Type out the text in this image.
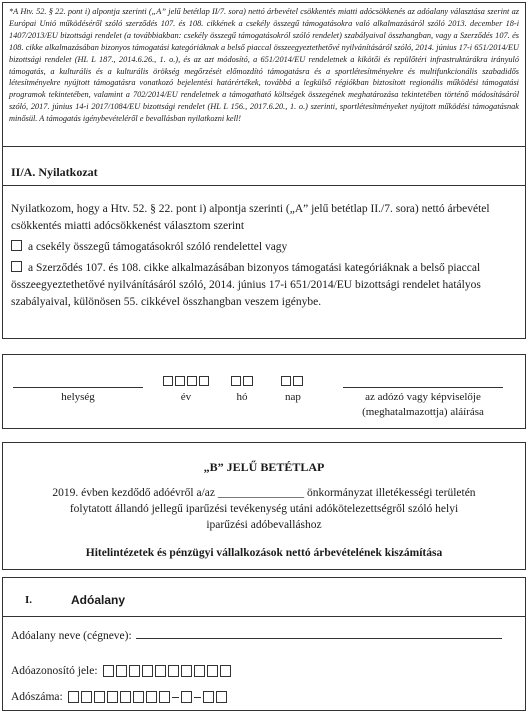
*A Htv. 52. § 22. pont i) alpontja szerinti („A” jelű betétlap II/7. sora) nettó árbevétel csökkentés miatti adócsökkenés az adóalany választása szerint az Európai Unió működéséről szóló szerződés 107. és 108. cikkének a csekély összegű támogatásokra való alkalmazásáról szóló 2013. december 18-i 1407/2013/EU bizottsági rendelet (a továbbiakban: csekély összegű támogatásokról szóló rendelet) szabályaival összhangban, vagy a Szerződés 107. és 108. cikke alkalmazásában bizonyos támogatási kategóriáknak a belső piaccal összeegyeztethetővé nyilvánításáról szóló, 2014. június 17-i 651/2014/EU bizottsági rendelet (HL L 187., 2014.6.26., 1. o.), és az azt módosító, a 651/2014/EU rendeletnek a kikötői és repülőtéri infrastruktúrákra irányuló támogatás, a kulturális és a kulturális örökség megőrzését előmozdító támogatásra és a sportlétesítményekre és multifunkcionális szabadidős létesítményekre nyújtott támogatásra vonatkozó bejelentési határértékek, továbbá a legkülső régiókban biztosított regionális működési támogatási programok tekintetében, valamint a 702/2014/EU rendeletnek a támogatható költségek összegének meghatározása tekintetében történő módosításáról szóló, 2017. június 14-i 2017/1084/EU bizottsági rendelet (HL L 156., 2017.6.20., 1. o.) szerinti, sportlétesítményeket nyújtott működési támogatásnak minősül. A támogatás igénybevételéről e bevallásban nyilatkozni kell!
II/A. Nyilatkozat
Nyilatkozom, hogy a Htv. 52. § 22. pont i) alpontja szerinti („A” jelű betétlap II./7. sora) nettó árbevétel csökkentés miatti adócsökkenést választom szerint
a csekély összegű támogatásokról szóló rendelettel vagy
a Szerződés 107. és 108. cikke alkalmazásában bizonyos támogatási kategóriáknak a belső piaccal összeegyeztethetővé nyilvánításáról szóló, 2014. június 17-i 651/2014/EU bizottsági rendelet hatályos szabályaival, különösen 55. cikkével összhangban veszem igénybe.
helység	év	hó	nap	az adózó vagy képviselője
(meghatalmazottja) aláírása
„B” JELŰ BETÉTLAP
2019. évben kezdődő adóévről a/az _______________ önkormányzat illetékességi területén
folytatott állandó jellegű iparűzési tevékenység utáni adókötelezettségről szóló helyi
iparűzési adóbevalláshoz
Hitelintézetek és pénzügyi vállalkozások nettó árbevételének kiszámítása
I.	Adóalany
Adóalany neve (cégneve):
Adóazonosító jele:
Adószáma:
